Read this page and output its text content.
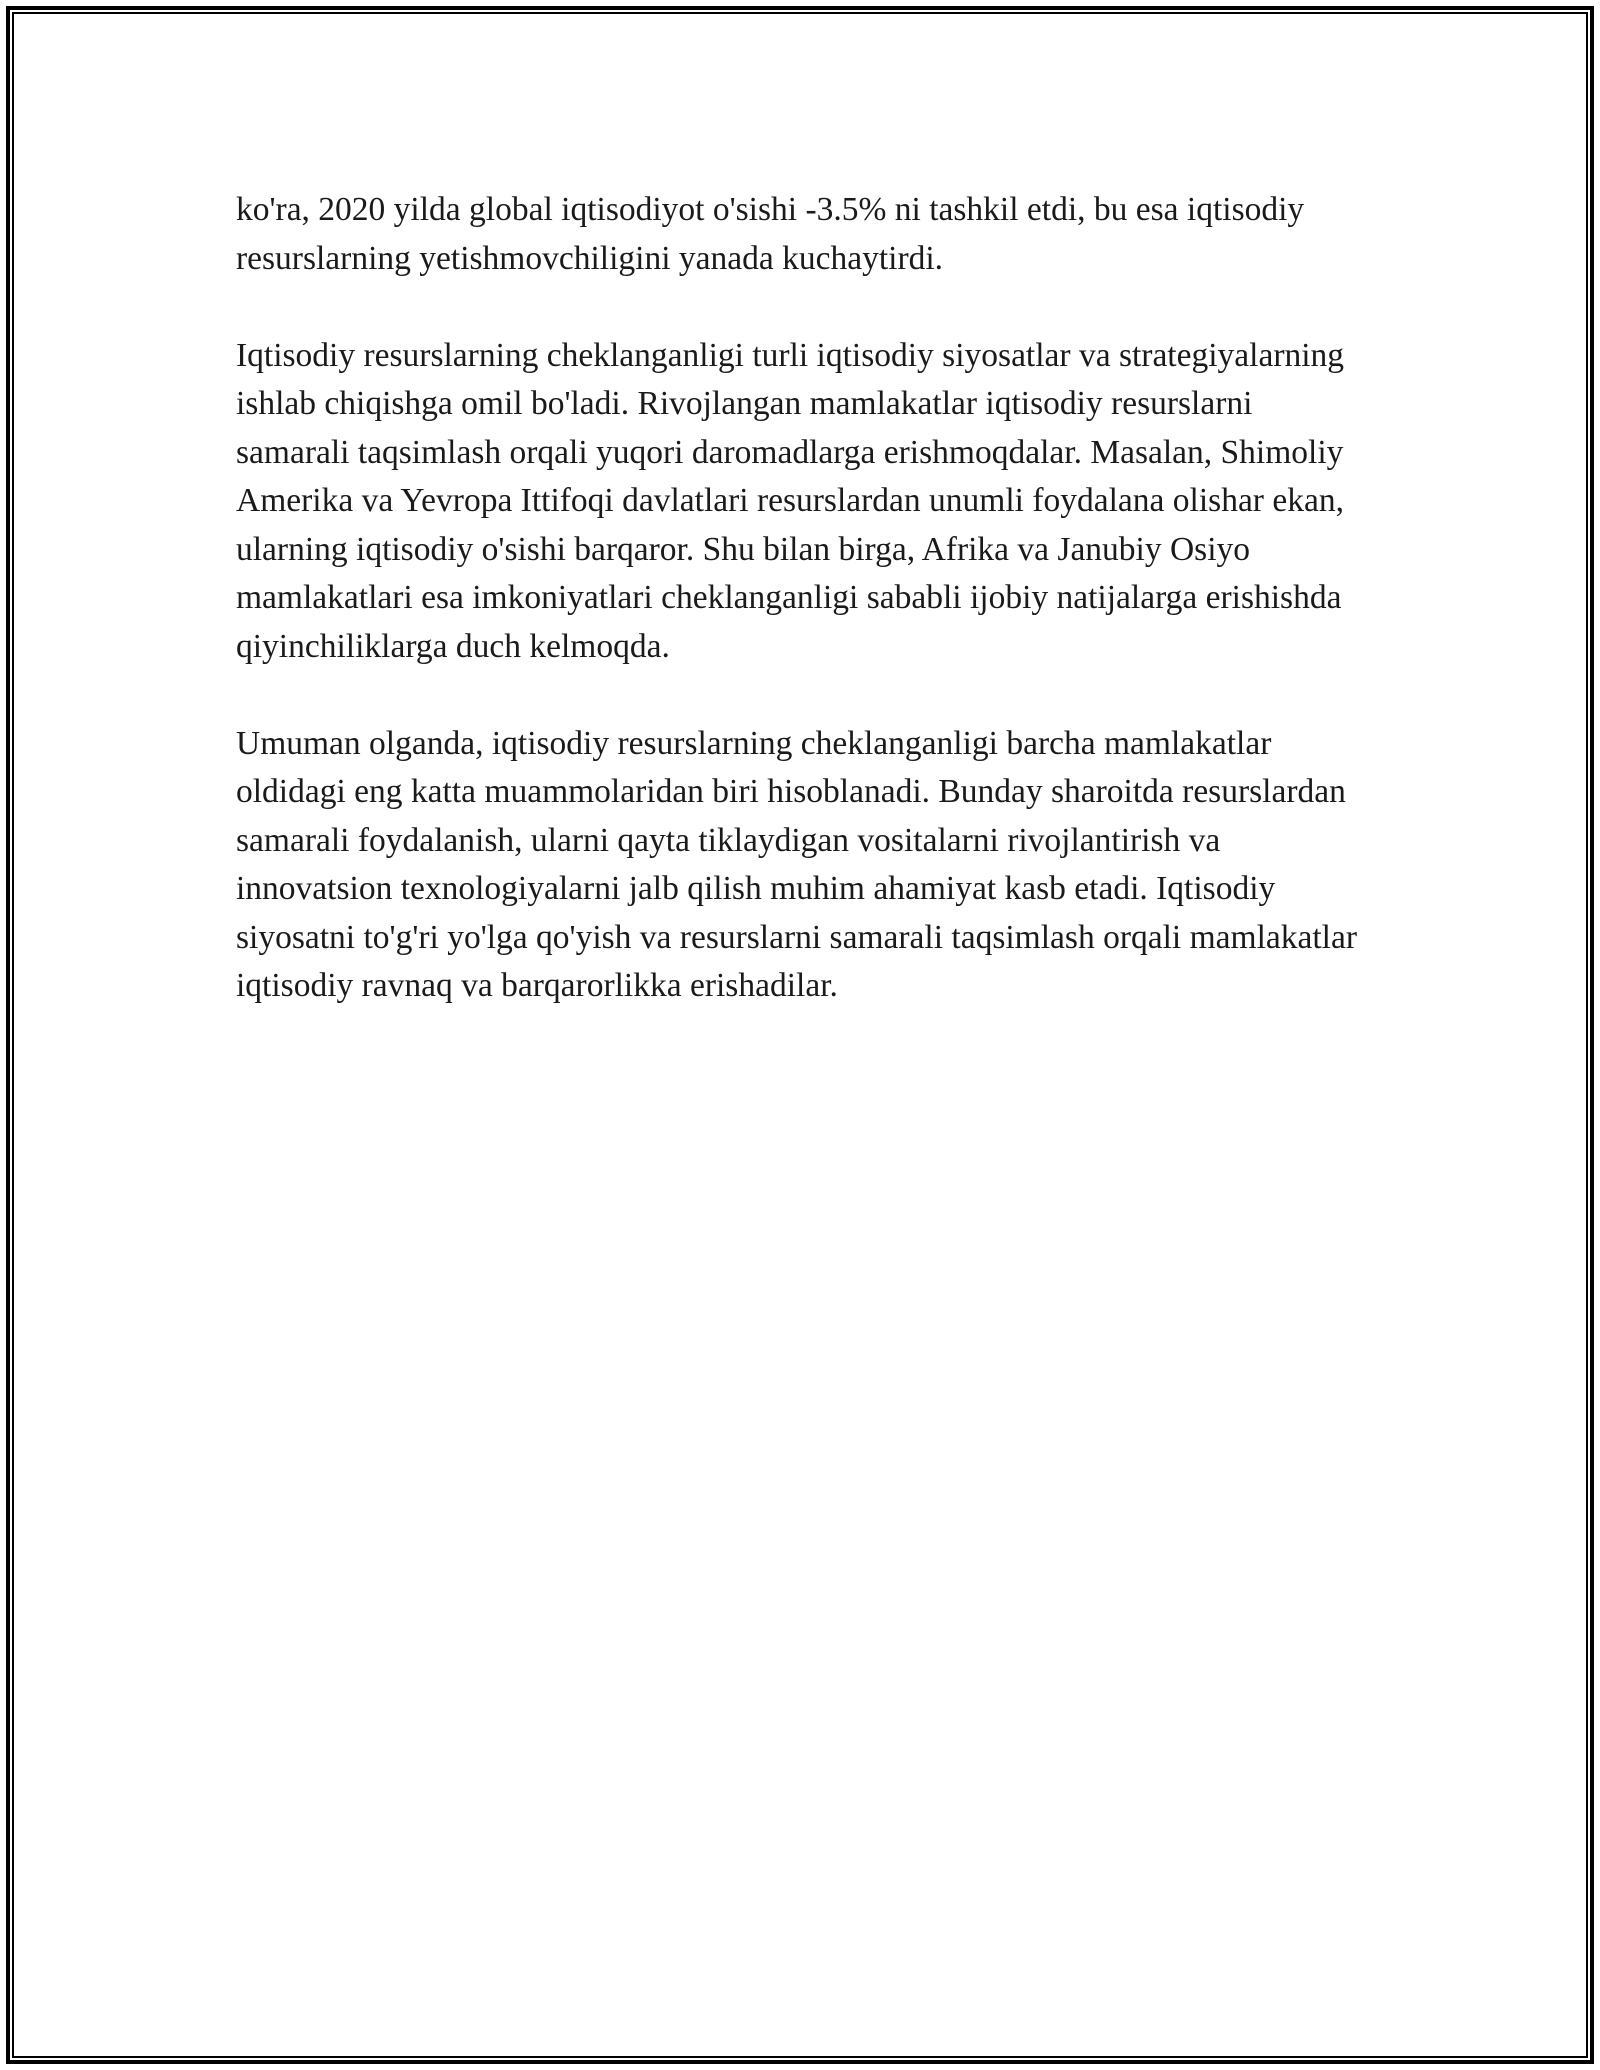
ko'ra, 2020 yilda global iqtisodiyot o'sishi -3.5% ni tashkil etdi, bu esa iqtisodiy resurslarning yetishmovchiligini yanada kuchaytirdi.

Iqtisodiy resurslarning cheklanganligi turli iqtisodiy siyosatlar va strategiyalarning ishlab chiqishga omil bo'ladi. Rivojlangan mamlakatlar iqtisodiy resurslarni samarali taqsimlash orqali yuqori daromadlarga erishmoqdalar. Masalan, Shimoliy Amerika va Yevropa Ittifoqi davlatlari resurslardan unumli foydalana olishar ekan, ularning iqtisodiy o'sishi barqaror. Shu bilan birga, Afrika va Janubiy Osiyo mamlakatlari esa imkoniyatlari cheklanganligi sababli ijobiy natijalarga erishishda qiyinchiliklarga duch kelmoqda.

Umuman olganda, iqtisodiy resurslarning cheklanganligi barcha mamlakatlar oldidagi eng katta muammolaridan biri hisoblanadi. Bunday sharoitda resurslardan samarali foydalanish, ularni qayta tiklaydigan vositalarni rivojlantirish va innovatsion texnologiyalarni jalb qilish muhim ahamiyat kasb etadi. Iqtisodiy siyosatni to'g'ri yo'lga qo'yish va resurslarni samarali taqsimlash orqali mamlakatlar iqtisodiy ravnaq va barqarorlikka erishadilar.
